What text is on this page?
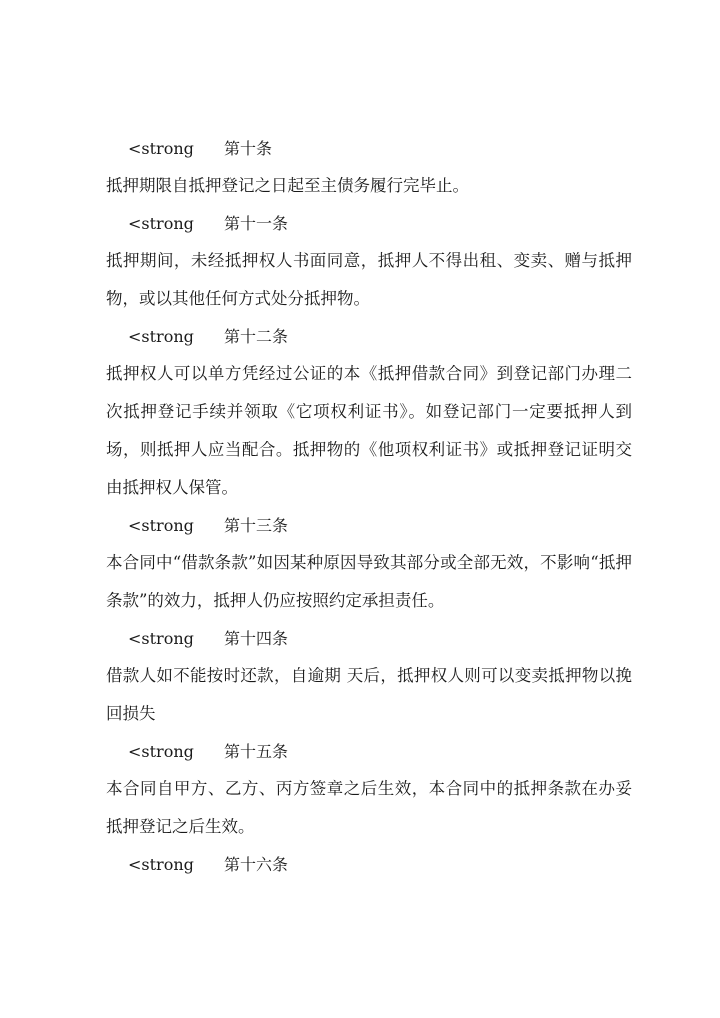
<strong 第十条

抵押期限自抵押登记之日起至主债务履行完毕止。

<strong 第十一条

抵押期间，未经抵押权人书面同意，抵押人不得出租、变卖、赠与抵押物，或以其他任何方式处分抵押物。

<strong 第十二条

抵押权人可以单方凭经过公证的本《抵押借款合同》到登记部门办理二次抵押登记手续并领取《它项权利证书》。如登记部门一定要抵押人到场，则抵押人应当配合。抵押物的《他项权利证书》或抵押登记证明交由抵押权人保管。

<strong 第十三条

本合同中“借款条款”如因某种原因导致其部分或全部无效，不影响“抵押条款”的效力，抵押人仍应按照约定承担责任。

<strong 第十四条

借款人如不能按时还款，自逾期 天后，抵押权人则可以变卖抵押物以挽回损失

<strong 第十五条

本合同自甲方、乙方、丙方签章之后生效，本合同中的抵押条款在办妥抵押登记之后生效。

<strong 第十六条
